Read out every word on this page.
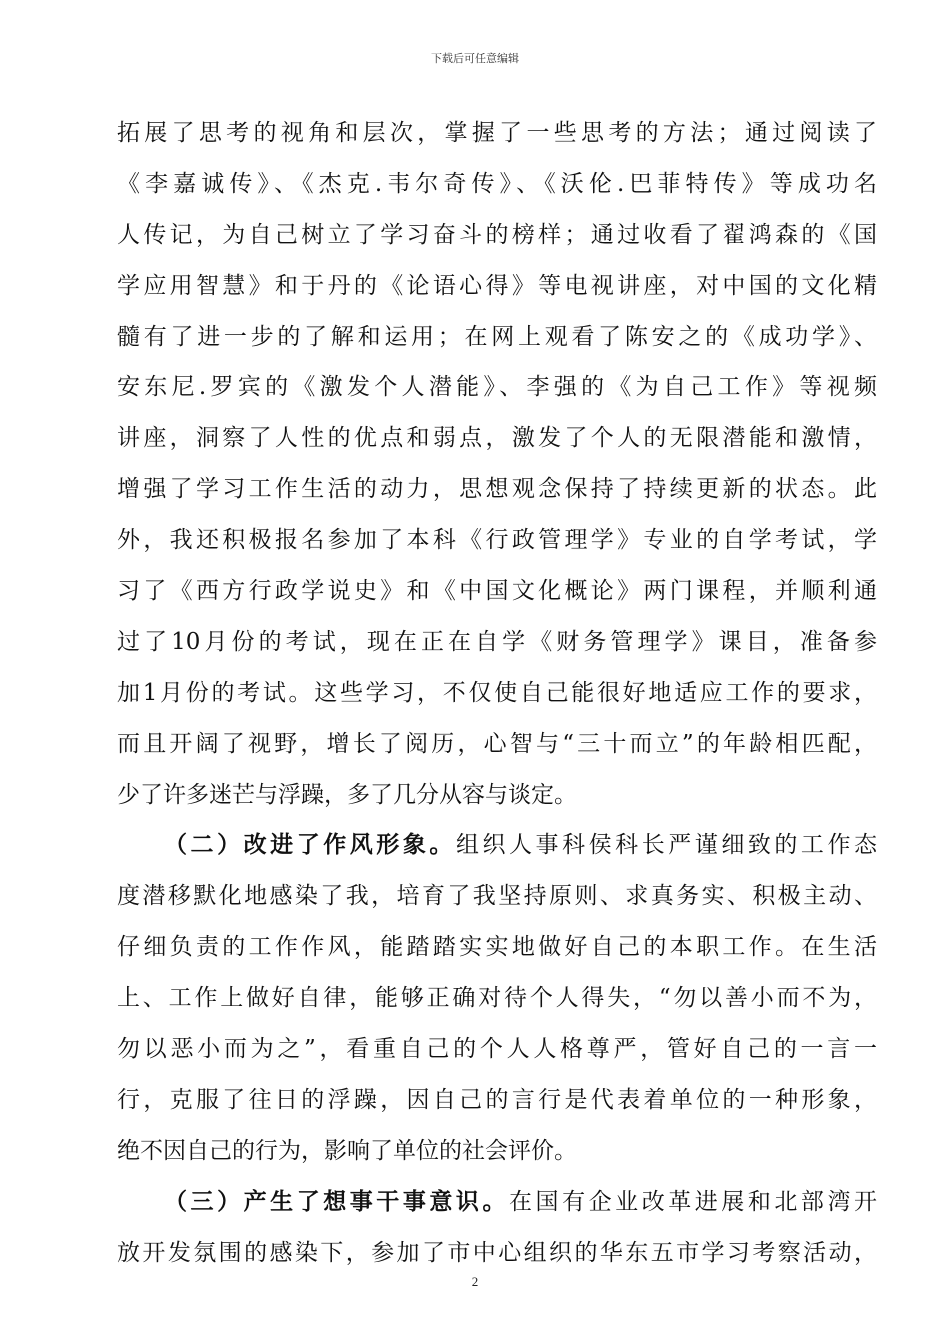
下载后可任意编辑
拓展了思考的视角和层次，掌握了一些思考的方法；通过阅读了
《李嘉诚传》、《杰克.韦尔奇传》、《沃伦.巴菲特传》等成功名
人传记，为自己树立了学习奋斗的榜样；通过收看了翟鸿森的《国
学应用智慧》和于丹的《论语心得》等电视讲座，对中国的文化精
髓有了进一步的了解和运用；在网上观看了陈安之的《成功学》、
安东尼.罗宾的《激发个人潜能》、李强的《为自己工作》等视频
讲座，洞察了人性的优点和弱点，激发了个人的无限潜能和激情，
增强了学习工作生活的动力，思想观念保持了持续更新的状态。此
外，我还积极报名参加了本科《行政管理学》专业的自学考试，学
习了《西方行政学说史》和《中国文化概论》两门课程，并顺利通
过了10月份的考试，现在正在自学《财务管理学》课目，准备参
加1月份的考试。这些学习，不仅使自己能很好地适应工作的要求，
而且开阔了视野，增长了阅历，心智与“三十而立”的年龄相匹配，
少了许多迷芒与浮躁，多了几分从容与谈定。
（二）改进了作风形象。组织人事科侯科长严谨细致的工作态
度潜移默化地感染了我，培育了我坚持原则、求真务实、积极主动、
仔细负责的工作作风，能踏踏实实地做好自己的本职工作。在生活
上、工作上做好自律，能够正确对待个人得失，“勿以善小而不为，
勿以恶小而为之”，看重自己的个人人格尊严，管好自己的一言一
行，克服了往日的浮躁，因自己的言行是代表着单位的一种形象，
绝不因自己的行为，影响了单位的社会评价。
（三）产生了想事干事意识。在国有企业改革进展和北部湾开
放开发氛围的感染下，参加了市中心组织的华东五市学习考察活动，
2
